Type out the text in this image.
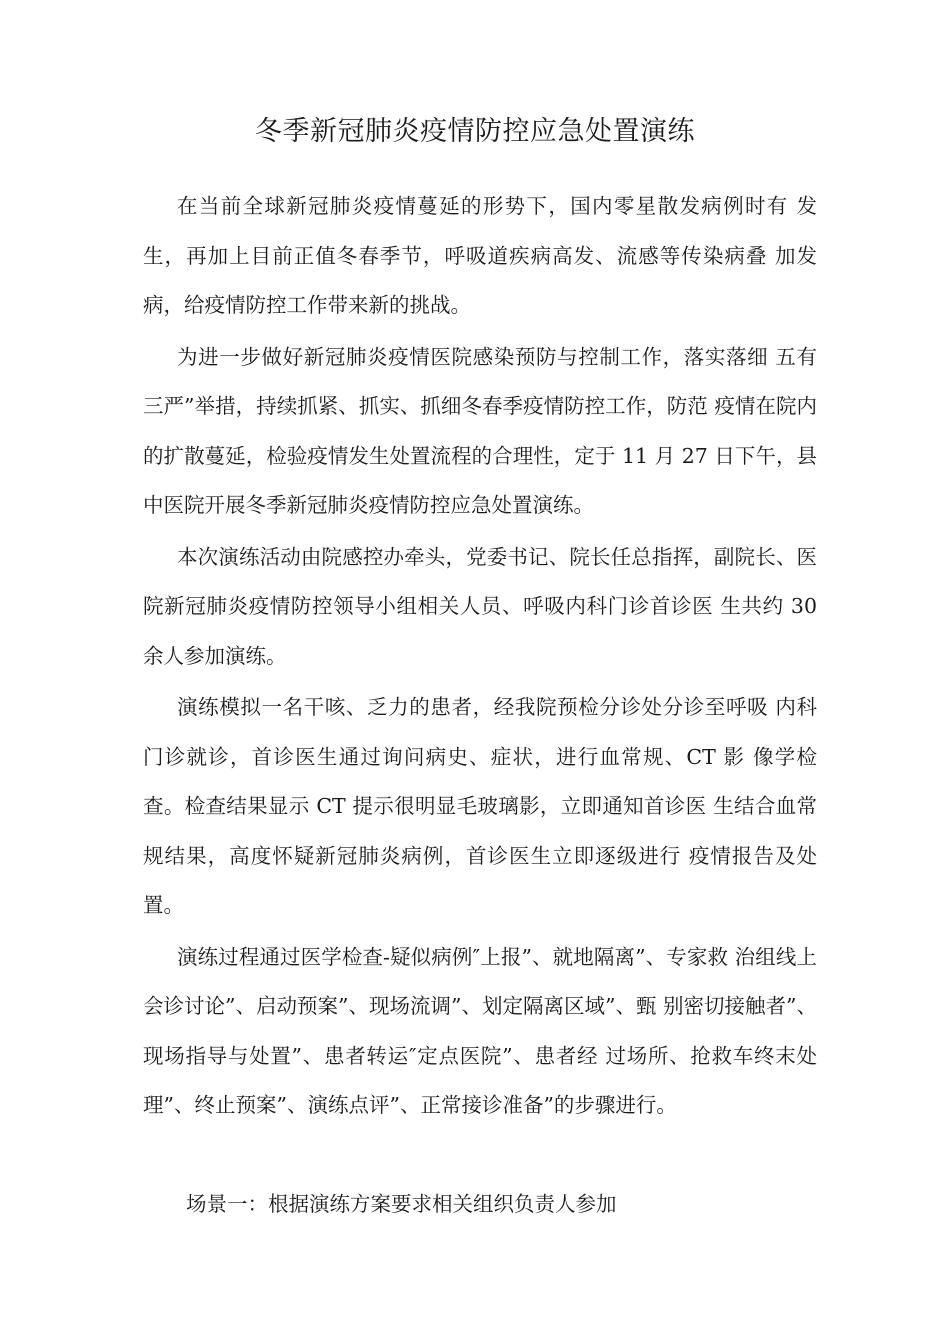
冬季新冠肺炎疫情防控应急处置演练

在当前全球新冠肺炎疫情蔓延的形势下，国内零星散发病例时有 发生，再加上目前正值冬春季节，呼吸道疾病高发、流感等传染病叠 加发病，给疫情防控工作带来新的挑战。

为进一步做好新冠肺炎疫情医院感染预防与控制工作，落实落细 五有三严”举措，持续抓紧、抓实、抓细冬春季疫情防控工作，防范 疫情在院内的扩散蔓延，检验疫情发生处置流程的合理性，定于 11 月 27 日下午，县中医院开展冬季新冠肺炎疫情防控应急处置演练。

本次演练活动由院感控办牵头，党委书记、院长任总指挥，副院长、医院新冠肺炎疫情防控领导小组相关人员、呼吸内科门诊首诊医 生共约 30 余人参加演练。

演练模拟一名干咳、乏力的患者，经我院预检分诊处分诊至呼吸 内科门诊就诊，首诊医生通过询问病史、症状，进行血常规、CT 影 像学检查。检查结果显示 CT 提示很明显毛玻璃影，立即通知首诊医 生结合血常规结果，高度怀疑新冠肺炎病例，首诊医生立即逐级进行 疫情报告及处置。

演练过程通过医学检查-疑似病例″上报”、就地隔离”、专家救 治组线上会诊讨论”、启动预案”、现场流调”、划定隔离区域”、甄 别密切接触者”、现场指导与处置”、患者转运″定点医院”、患者经 过场所、抢救车终末处理”、终止预案”、演练点评”、正常接诊准备”的步骤进行。

场景一：根据演练方案要求相关组织负责人参加
